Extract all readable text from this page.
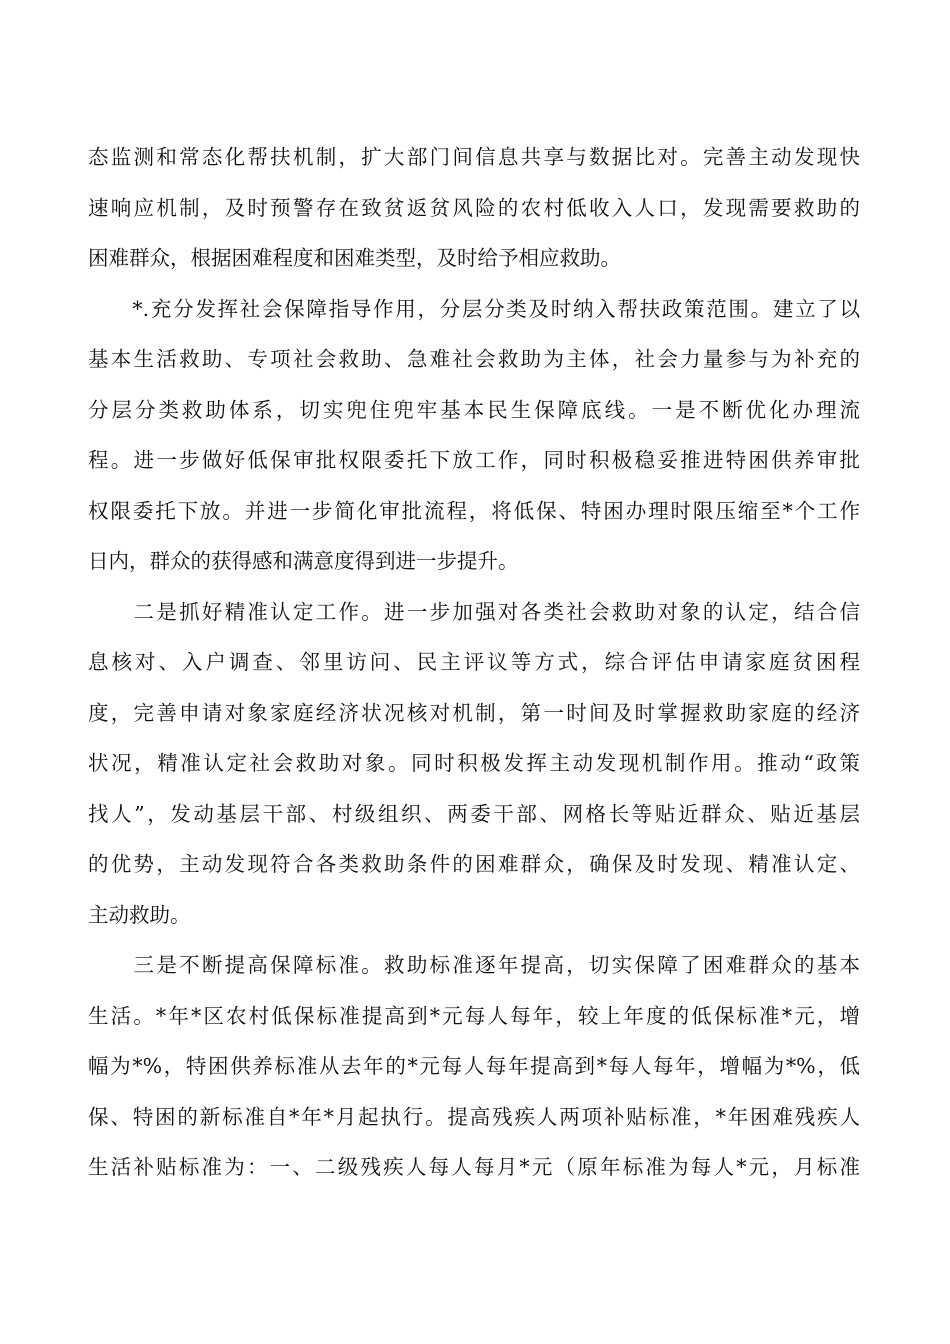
态监测和常态化帮扶机制，扩大部门间信息共享与数据比对。完善主动发现快
速响应机制，及时预警存在致贫返贫风险的农村低收入人口，发现需要救助的
困难群众，根据困难程度和困难类型，及时给予相应救助。
　　*.充分发挥社会保障指导作用，分层分类及时纳入帮扶政策范围。建立了以
基本生活救助、专项社会救助、急难社会救助为主体，社会力量参与为补充的
分层分类救助体系，切实兜住兜牢基本民生保障底线。一是不断优化办理流
程。进一步做好低保审批权限委托下放工作，同时积极稳妥推进特困供养审批
权限委托下放。并进一步简化审批流程，将低保、特困办理时限压缩至*个工作
日内，群众的获得感和满意度得到进一步提升。
　　二是抓好精准认定工作。进一步加强对各类社会救助对象的认定，结合信
息核对、入户调查、邻里访问、民主评议等方式，综合评估申请家庭贫困程
度，完善申请对象家庭经济状况核对机制，第一时间及时掌握救助家庭的经济
状况，精准认定社会救助对象。同时积极发挥主动发现机制作用。推动“政策
找人”，发动基层干部、村级组织、两委干部、网格长等贴近群众、贴近基层
的优势，主动发现符合各类救助条件的困难群众，确保及时发现、精准认定、
主动救助。
　　三是不断提高保障标准。救助标准逐年提高，切实保障了困难群众的基本
生活。*年*区农村低保标准提高到*元每人每年，较上年度的低保标准*元，增
幅为*%，特困供养标准从去年的*元每人每年提高到*每人每年，增幅为*%，低
保、特困的新标准自*年*月起执行。提高残疾人两项补贴标准，*年困难残疾人
生活补贴标准为：一、二级残疾人每人每月*元（原年标准为每人*元，月标准
